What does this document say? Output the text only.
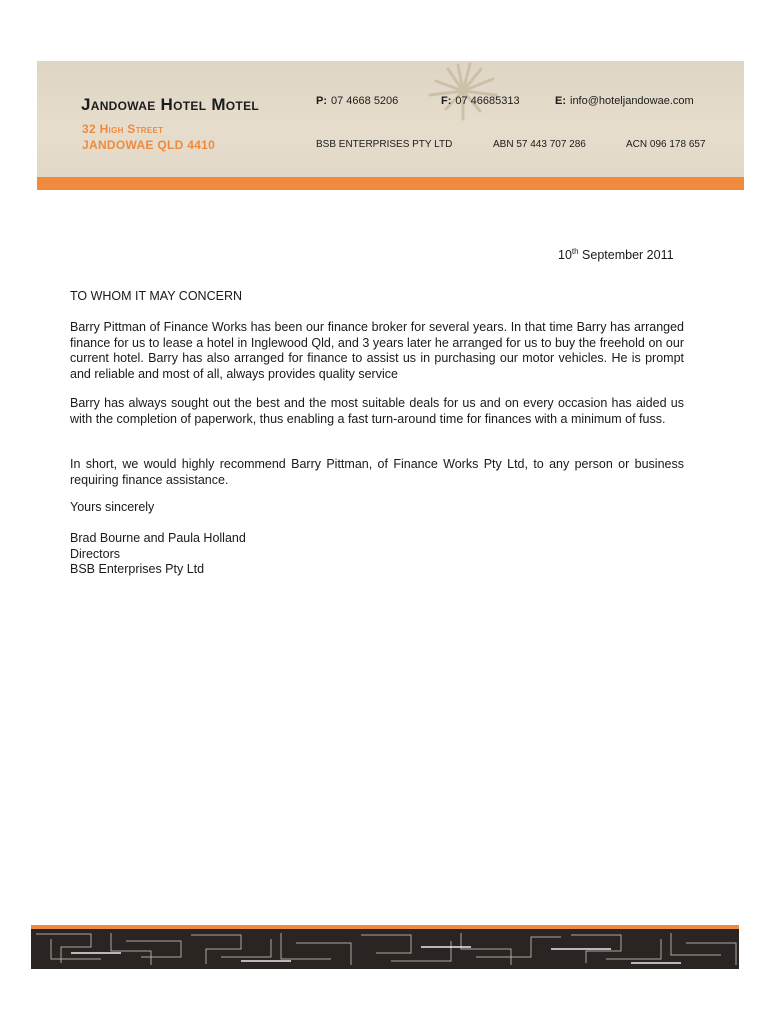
Jandowae Hotel Motel
32 High Street
JANDOWAE QLD 4410
P: 07 4668 5206	F: 07 46685313	E: info@hoteljandowae.com
BSB ENTERPRISES PTY LTD	ABN 57 443 707 286	ACN 096 178 657
10th September 2011
TO WHOM IT MAY CONCERN
Barry Pittman of Finance Works has been our finance broker for several years. In that time Barry has arranged finance for us to lease a hotel in Inglewood Qld, and 3 years later he arranged for us to buy the freehold on our current hotel. Barry has also arranged for finance to assist us in purchasing our motor vehicles. He is prompt and reliable and most of all, always provides quality service
Barry has always sought out the best and the most suitable deals for us and on every occasion has aided us with the completion of paperwork, thus enabling a fast turn-around time for finances with a minimum of fuss.
In short, we would highly recommend Barry Pittman, of Finance Works Pty Ltd, to any person or business requiring finance assistance.
Yours sincerely
Brad Bourne and Paula Holland
Directors
BSB Enterprises Pty Ltd
